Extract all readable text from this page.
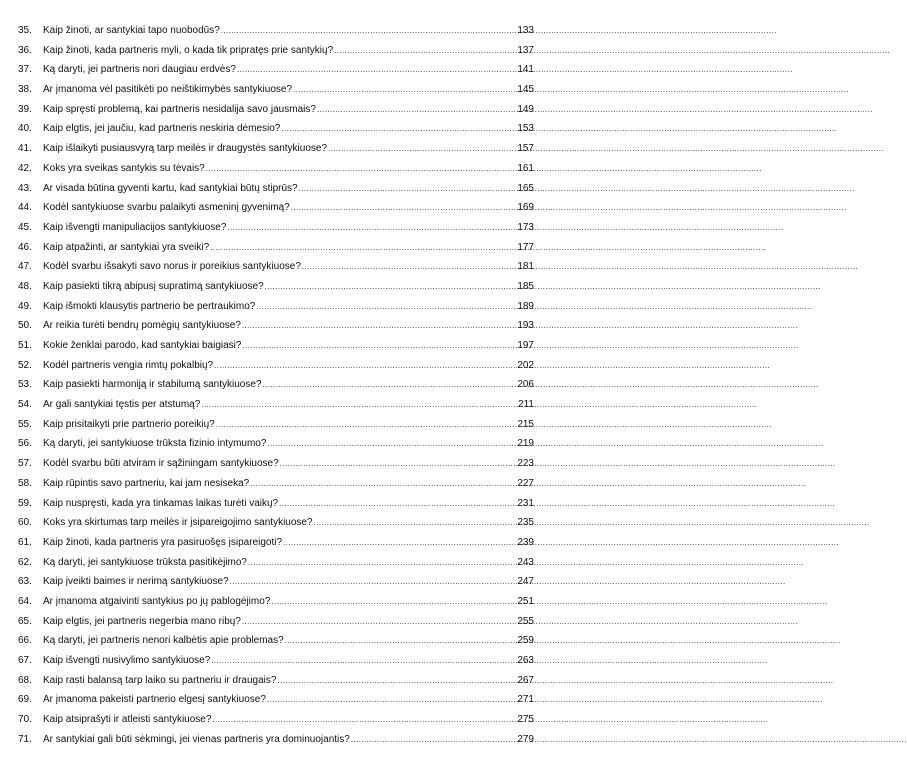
35.	Kaip žinoti, ar santykiai tapo nuobodūs? .....	133
36.	Kaip žinoti, kada partneris myli, o kada tik pripratęs prie santykių? .....	137
37.	Ką daryti, jei partneris nori daugiau erdvės? .....	141
38.	Ar įmanoma vėl pasitikėti po neištikimybės santykiuose? .....	145
39.	Kaip spręsti problemą, kai partneris nesidalija savo jausmais? .....	149
40.	Kaip elgtis, jei jaučiu, kad partneris neskiria dėmesio? .....	153
41.	Kaip išlaikyti pusiausvyrą tarp meilės ir draugystės santykiuose? .....	157
42.	Koks yra sveikas santykis su tėvais? .....	161
43.	Ar visada būtina gyventi kartu, kad santykiai būtų stiprūs? .....	165
44.	Kodėl santykiuose svarbu palaikyti asmeninį gyvenimą? .....	169
45.	Kaip išvengti manipuliacijos santykiuose? .....	173
46.	Kaip atpažinti, ar santykiai yra sveiki? .....	177
47.	Kodėl svarbu išsakyti savo norus ir poreikius santykiuose? .....	181
48.	Kaip pasiekti tikrą abipusį supratimą santykiuose? .....	185
49.	Kaip išmokti klausytis partnerio be pertraukimo? .....	189
50.	Ar reikia turėti bendrų pomėgių santykiuose? .....	193
51.	Kokie ženklai parodo, kad santykiai baigiasi? .....	197
52.	Kodėl partneris vengia rimtų pokalbių? .....	202
53.	Kaip pasiekti harmoniją ir stabilumą santykiuose? .....	206
54.	Ar gali santykiai tęstis per atstumą? .....	211
55.	Kaip prisitaikyti prie partnerio poreikių? .....	215
56.	Ką daryti, jei santykiuose trūksta fizinio intymumo? .....	219
57.	Kodėl svarbu būti atviram ir sąžiningam santykiuose? .....	223
58.	Kaip rūpintis savo partneriu, kai jam nesiseka? .....	227
59.	Kaip nuspręsti, kada yra tinkamas laikas turėti vaikų? .....	231
60.	Koks yra skirtumas tarp meilės ir įsipareigojimo santykiuose? .....	235
61.	Kaip žinoti, kada partneris yra pasiruošęs įsipareigoti? .....	239
62.	Ką daryti, jei santykiuose trūksta pasitikėjimo? .....	243
63.	Kaip įveikti baimes ir nerimą santykiuose? .....	247
64.	Ar įmanoma atgaivinti santykius po jų pablogėjimo? .....	251
65.	Kaip elgtis, jei partneris negerbia mano ribų? .....	255
66.	Ką daryti, jei partneris nenori kalbėtis apie problemas? .....	259
67.	Kaip išvengti nusivylimo santykiuose? .....	263
68.	Kaip rasti balansą tarp laiko su partneriu ir draugais? .....	267
69.	Ar įmanoma pakeisti partnerio elgesį santykiuose? .....	271
70.	Kaip atsiprašyti ir atleisti santykiuose? .....	275
71.	Ar santykiai gali būti sėkmingi, jei vienas partneris yra dominuojantis? .....	279
